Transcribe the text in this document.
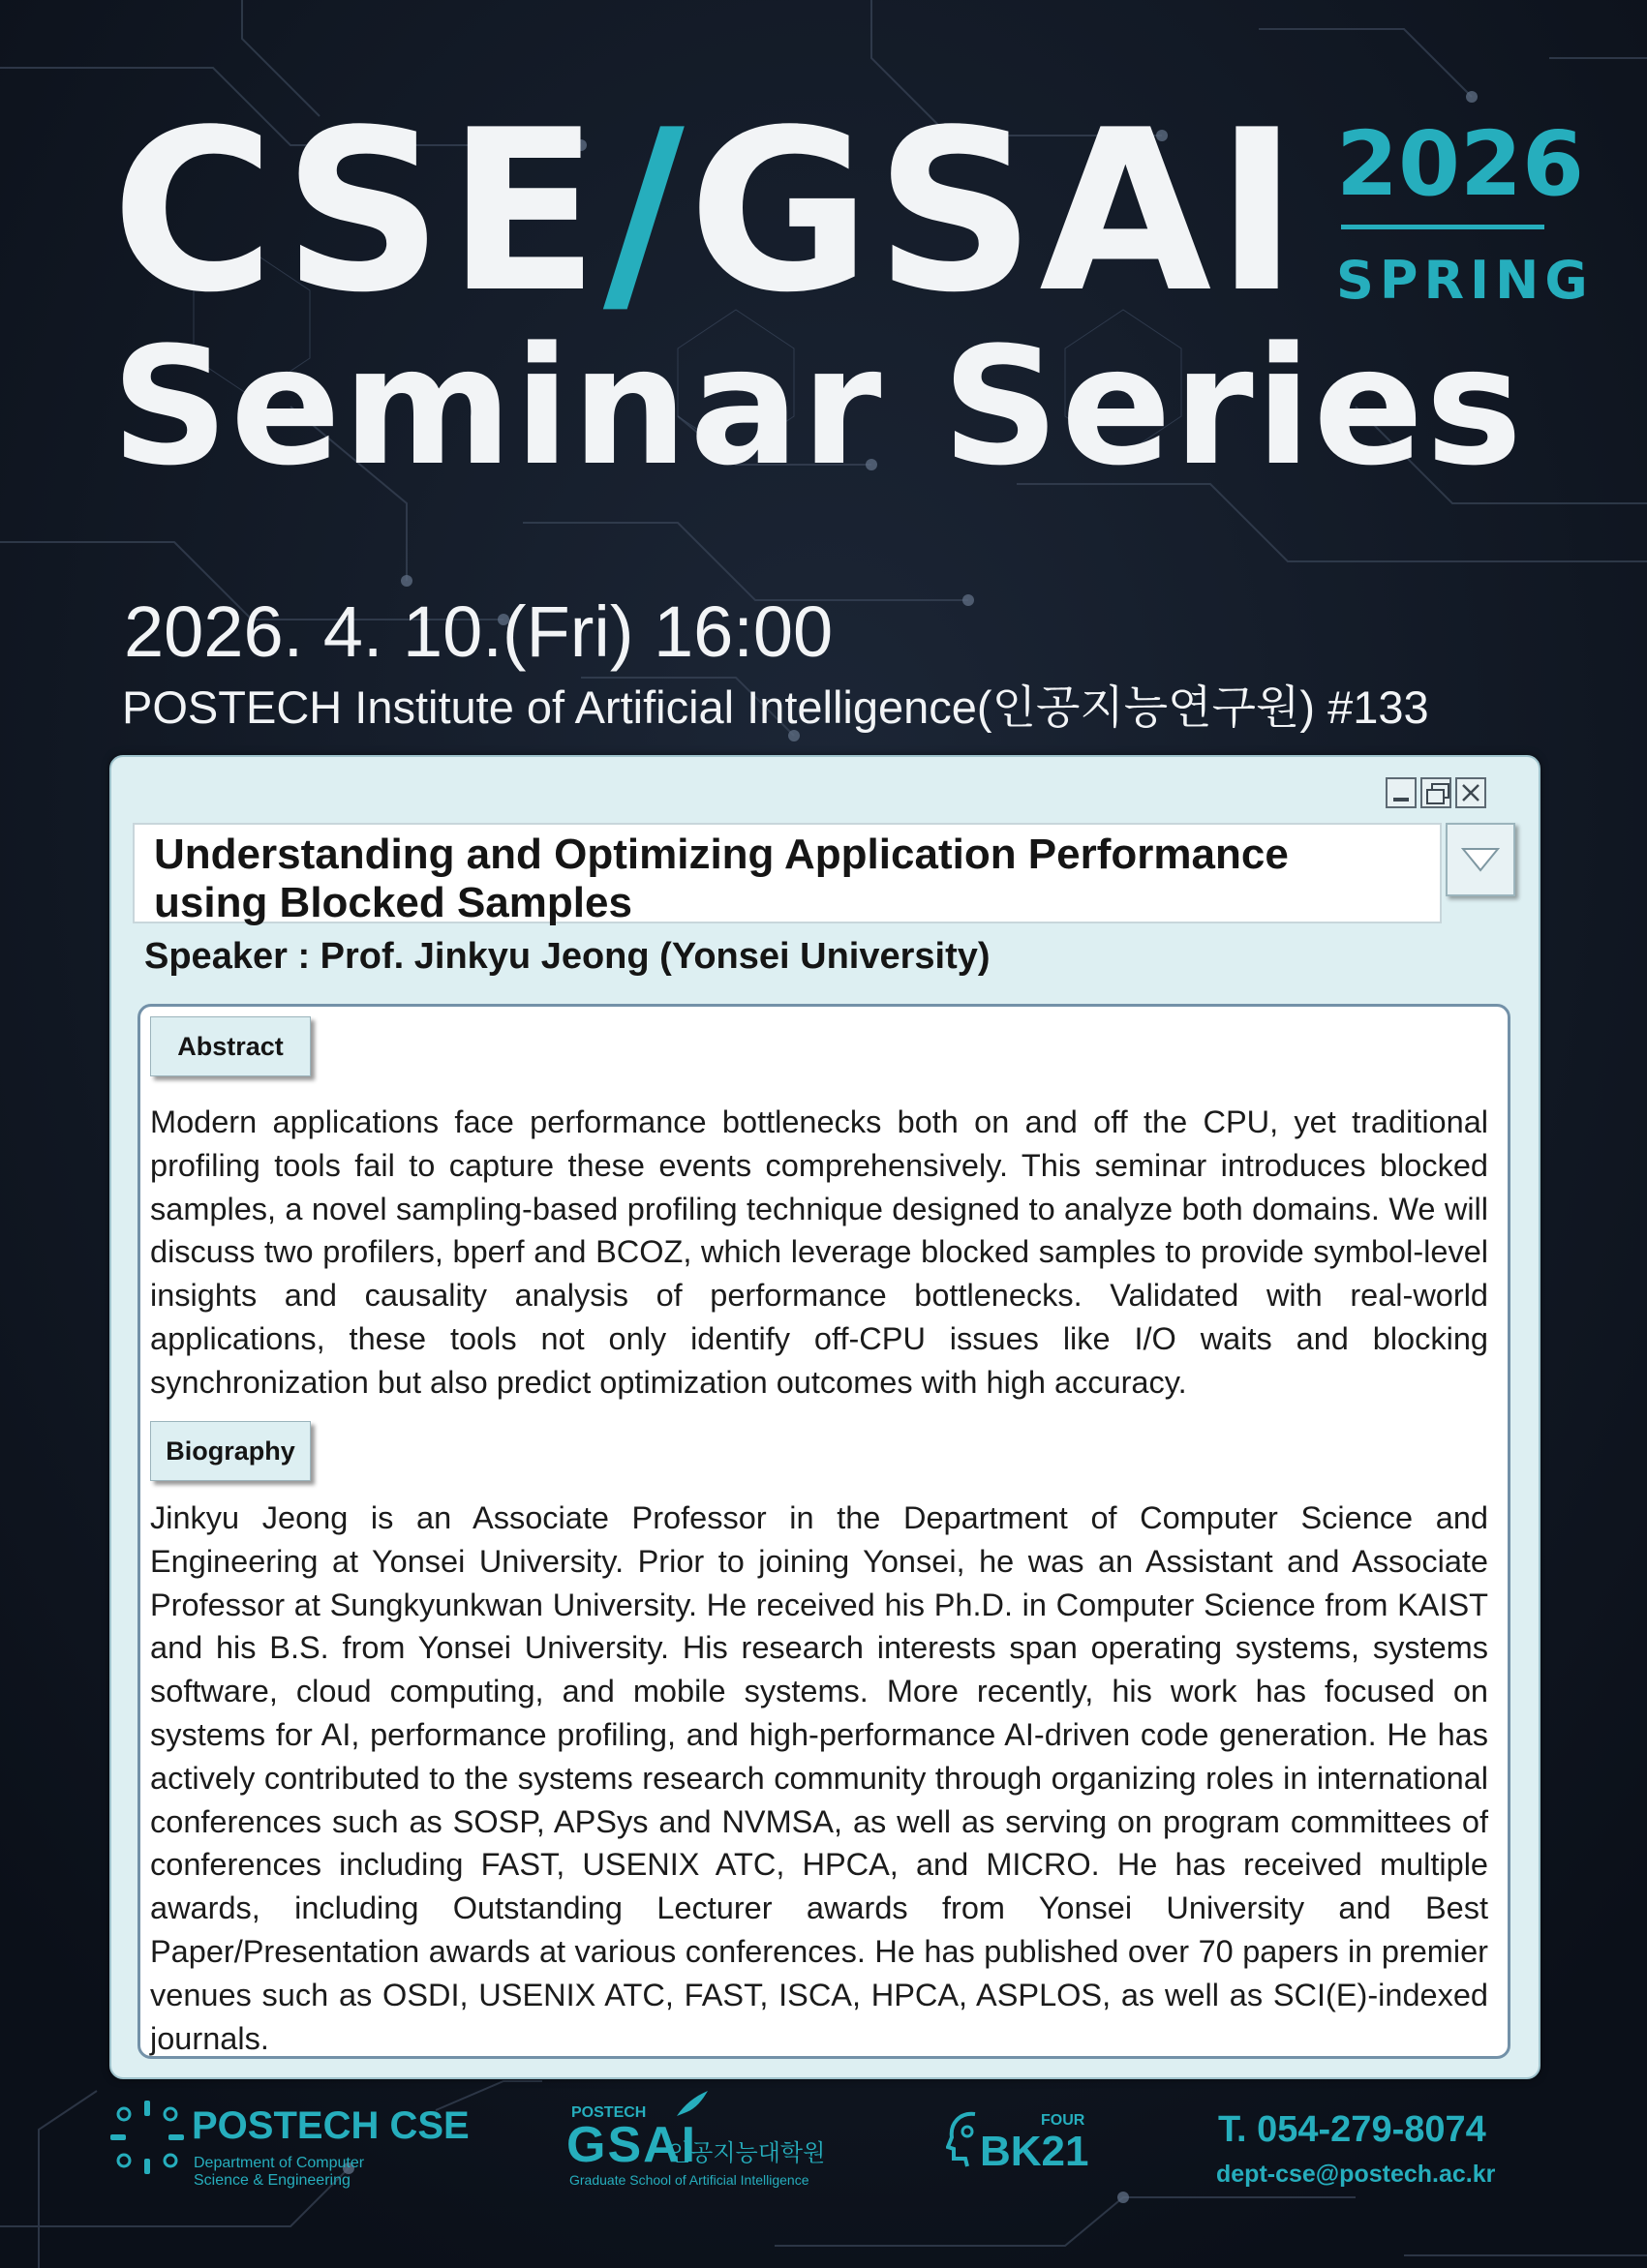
CSE/GSAI
Seminar Series
2026
SPRING
2026. 4. 10.(Fri) 16:00
POSTECH Institute of Artificial Intelligence(인공지능연구원) #133
Understanding and Optimizing Application Performance using Blocked Samples
Speaker : Prof. Jinkyu Jeong (Yonsei University)
Abstract
Modern applications face performance bottlenecks both on and off the CPU, yet traditional profiling tools fail to capture these events comprehensively. This seminar introduces blocked samples, a novel sampling-based profiling technique designed to analyze both domains. We will discuss two profilers, bperf and BCOZ, which leverage blocked samples to provide symbol-level insights and causality analysis of performance bottlenecks. Validated with real-world applications, these tools not only identify off-CPU issues like I/O waits and blocking synchronization but also predict optimization outcomes with high accuracy.
Biography
Jinkyu Jeong is an Associate Professor in the Department of Computer Science and Engineering at Yonsei University. Prior to joining Yonsei, he was an Assistant and Associate Professor at Sungkyunkwan University. He received his Ph.D. in Computer Science from KAIST and his B.S. from Yonsei University. His research interests span operating systems, systems software, cloud computing, and mobile systems. More recently, his work has focused on systems for AI, performance profiling, and high-performance AI-driven code generation. He has actively contributed to the systems research community through organizing roles in international conferences such as SOSP, APSys and NVMSA, as well as serving on program committees of conferences including FAST, USENIX ATC, HPCA, and MICRO. He has received multiple awards, including Outstanding Lecturer awards from Yonsei University and Best Paper/Presentation awards at various conferences. He has published over 70 papers in premier venues such as OSDI, USENIX ATC, FAST, ISCA, HPCA, ASPLOS, as well as SCI(E)-indexed journals.
POSTECH CSE
Department of Computer
Science & Engineering
POSTECH
GSAI
인공지능대학원
Graduate School of Artificial Intelligence
FOUR
BK21	T. 054-279-8074
dept-cse@postech.ac.kr
